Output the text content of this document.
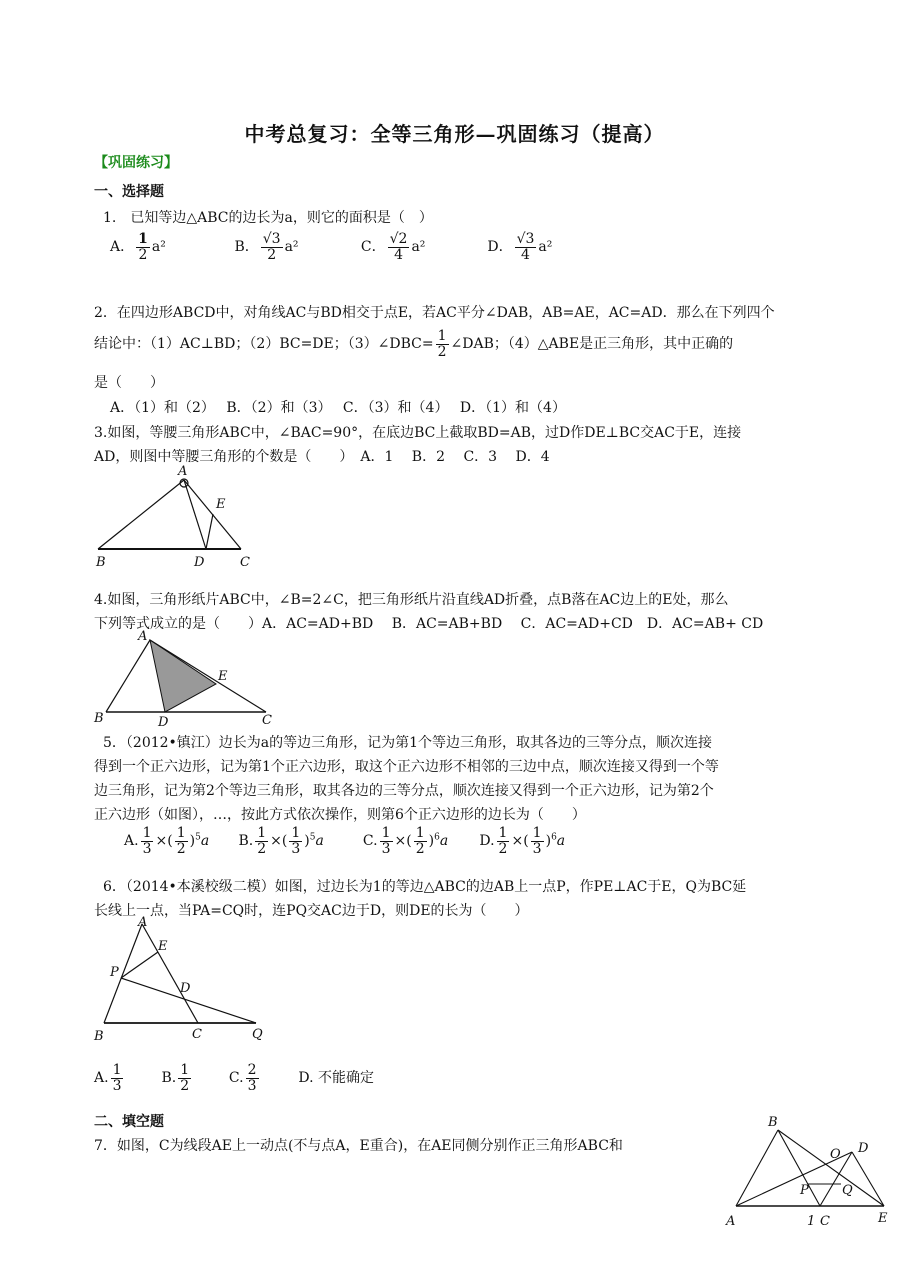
中考总复习：全等三角形—巩固练习（提高）
【巩固练习】
一、选择题
1.　已知等边△ABC的边长为a，则它的面积是（　）
A． $\frac{1}{2} a^2$	B． $\frac{√3}{2} a^2$	C． $\frac{√2}{4} a^2$	D． $\frac{√3}{4} a^2$
2．在四边形ABCD中，对角线AC与BD相交于点E，若AC平分∠DAB，AB=AE，AC=AD．那么在下列四个
结论中：（1）AC⊥BD；（2）BC=DE；（3）∠DBC= $\frac{1}{2}$ ∠DAB；（4）△ABE是正三角形，其中正确的
是（　　）
A．（1）和（2）　 B．（2）和（3）　 C．（3）和（4）　 D．（1）和（4）
3.如图，等腰三角形ABC中，∠BAC=90°，在底边BC上截取BD=AB，过D作DE⊥BC交AC于E，连接
AD，则图中等腰三角形的个数是（　　）　A．1　 B．2　 C．3　 D．4
A
B	C
D
E
4.如图，三角形纸片ABC中，∠B=2∠C，把三角形纸片沿直线AD折叠，点B落在AC边上的E处，那么
下列等式成立的是（　　）A．AC=AD+BD　 B．AC=AB+BD　 C．AC=AD+CD　D．AC=AB+ CD
A
B	C
D
E
5．（2012•镇江）边长为a的等边三角形，记为第1个等边三角形，取其各边的三等分点，顺次连接
得到一个正六边形，记为第1个正六边形，取这个正六边形不相邻的三边中点，顺次连接又得到一个等
边三角形，记为第2个等边三角形，取其各边的三等分点，顺次连接又得到一个正六边形，记为第2个
正六边形（如图），…，按此方式依次操作，则第6个正六边形的边长为（　　）
A. $\frac{1}{3}$ ×( $\frac{1}{2} )^5a$ B. $\frac{1}{2}$ ×( $\frac{1}{3} )^5a$	C. $\frac{1}{3}$ ×( $\frac{1}{2} )^6a$ D. $\frac{1}{2}$ ×( $\frac{1}{3} )^6a$
6．（2014•本溪校级二模）如图，过边长为1的等边△ABC的边AB上一点P，作PE⊥AC于E，Q为BC延
长线上一点，当PA=CQ时，连PQ交AC边于D，则DE的长为（　　）
A
B	C
D
E
P
Q
A. $\frac{1}{3}$	B. $\frac{1}{2}$	C. $\frac{2}{3}$	D. 不能确定
二、填空题
7．如图，C为线段AE上一动点(不与点A，E重合)，在AE同侧分别作正三角形ABC和
B
A	C
D
E
O
P	Q
1
